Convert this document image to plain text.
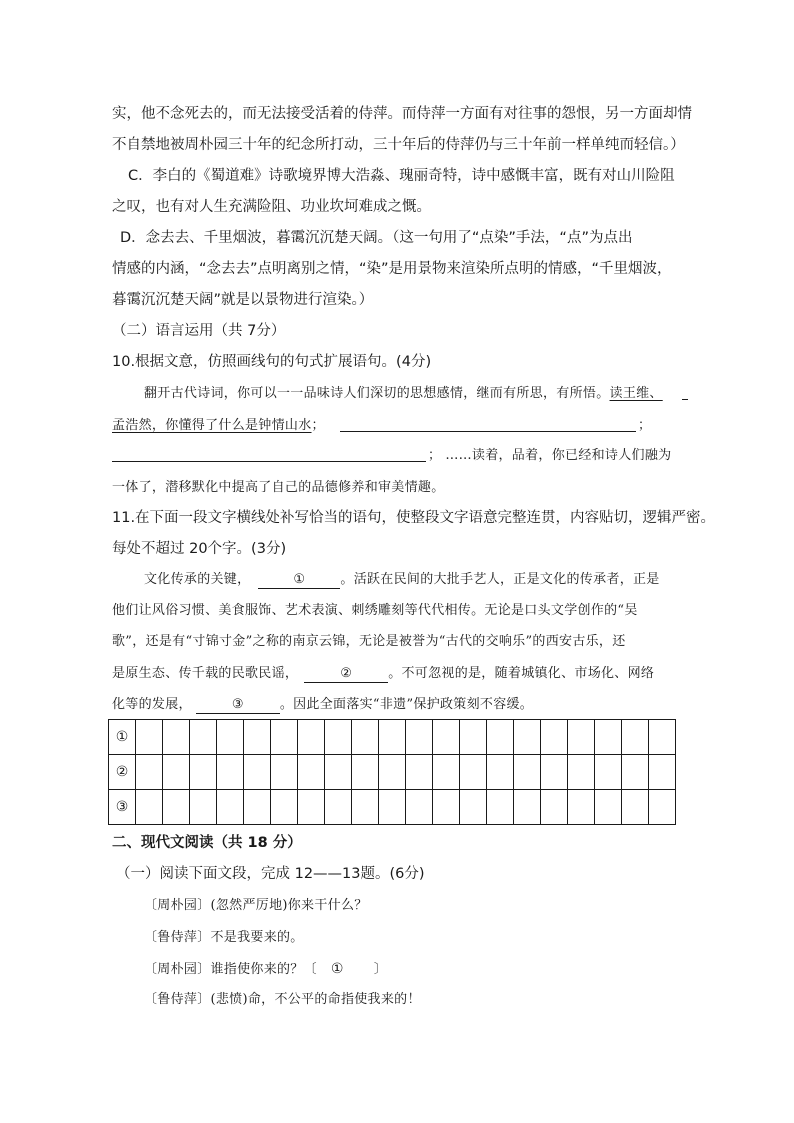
实，他不念死去的，而无法接受活着的侍萍。而侍萍一方面有对往事的怨恨，另一方面却情
不自禁地被周朴园三十年的纪念所打动，三十年后的侍萍仍与三十年前一样单纯而轻信。）
C．李白的《蜀道难》诗歌境界博大浩淼、瑰丽奇特，诗中感慨丰富，既有对山川险阻
之叹，也有对人生充满险阻、功业坎坷难成之慨。
D．念去去、千里烟波，暮霭沉沉楚天阔。（这一句用了“点染”手法，“点”为点出
情感的内涵，“念去去”点明离别之情，“染”是用景物来渲染所点明的情感，“千里烟波，
暮霭沉沉楚天阔”就是以景物进行渲染。）
（二）语言运用（共 7分）
10.根据文意，仿照画线句的句式扩展语句。(4分)
翻开古代诗词，你可以一一品味诗人们深切的思想感情，继而有所思，有所悟。读王维、
孟浩然，你懂得了什么是钟情山水；	；
； ……读着，品着，你已经和诗人们融为
一体了，潜移默化中提高了自己的品德修养和审美情趣。
11.在下面一段文字横线处补写恰当的语句，使整段文字语意完整连贯，内容贴切，逻辑严密。
每处不超过 20个字。(3分)
文化传承的关键，	①	。活跃在民间的大批手艺人，正是文化的传承者，正是
他们让风俗习惯、美食服饰、艺术表演、刺绣雕刻等代代相传。无论是口头文学创作的“吴
歌”，还是有“寸锦寸金”之称的南京云锦，无论是被誉为“古代的交响乐”的西安古乐，还
是原生态、传千载的民歌民谣，	②	。不可忽视的是，随着城镇化、市场化、网络
化等的发展，	③	。因此全面落实“非遗”保护政策刻不容缓。
①																				
②																				
③																				
二、现代文阅读（共 18 分）
（一）阅读下面文段，完成 12——13题。(6分)
〔周朴园〕(忽然严厉地)你来干什么？
〔鲁侍萍〕不是我要来的。
〔周朴园〕谁指使你来的？〔 ① 〕
〔鲁侍萍〕(悲愤)命，不公平的命指使我来的！
